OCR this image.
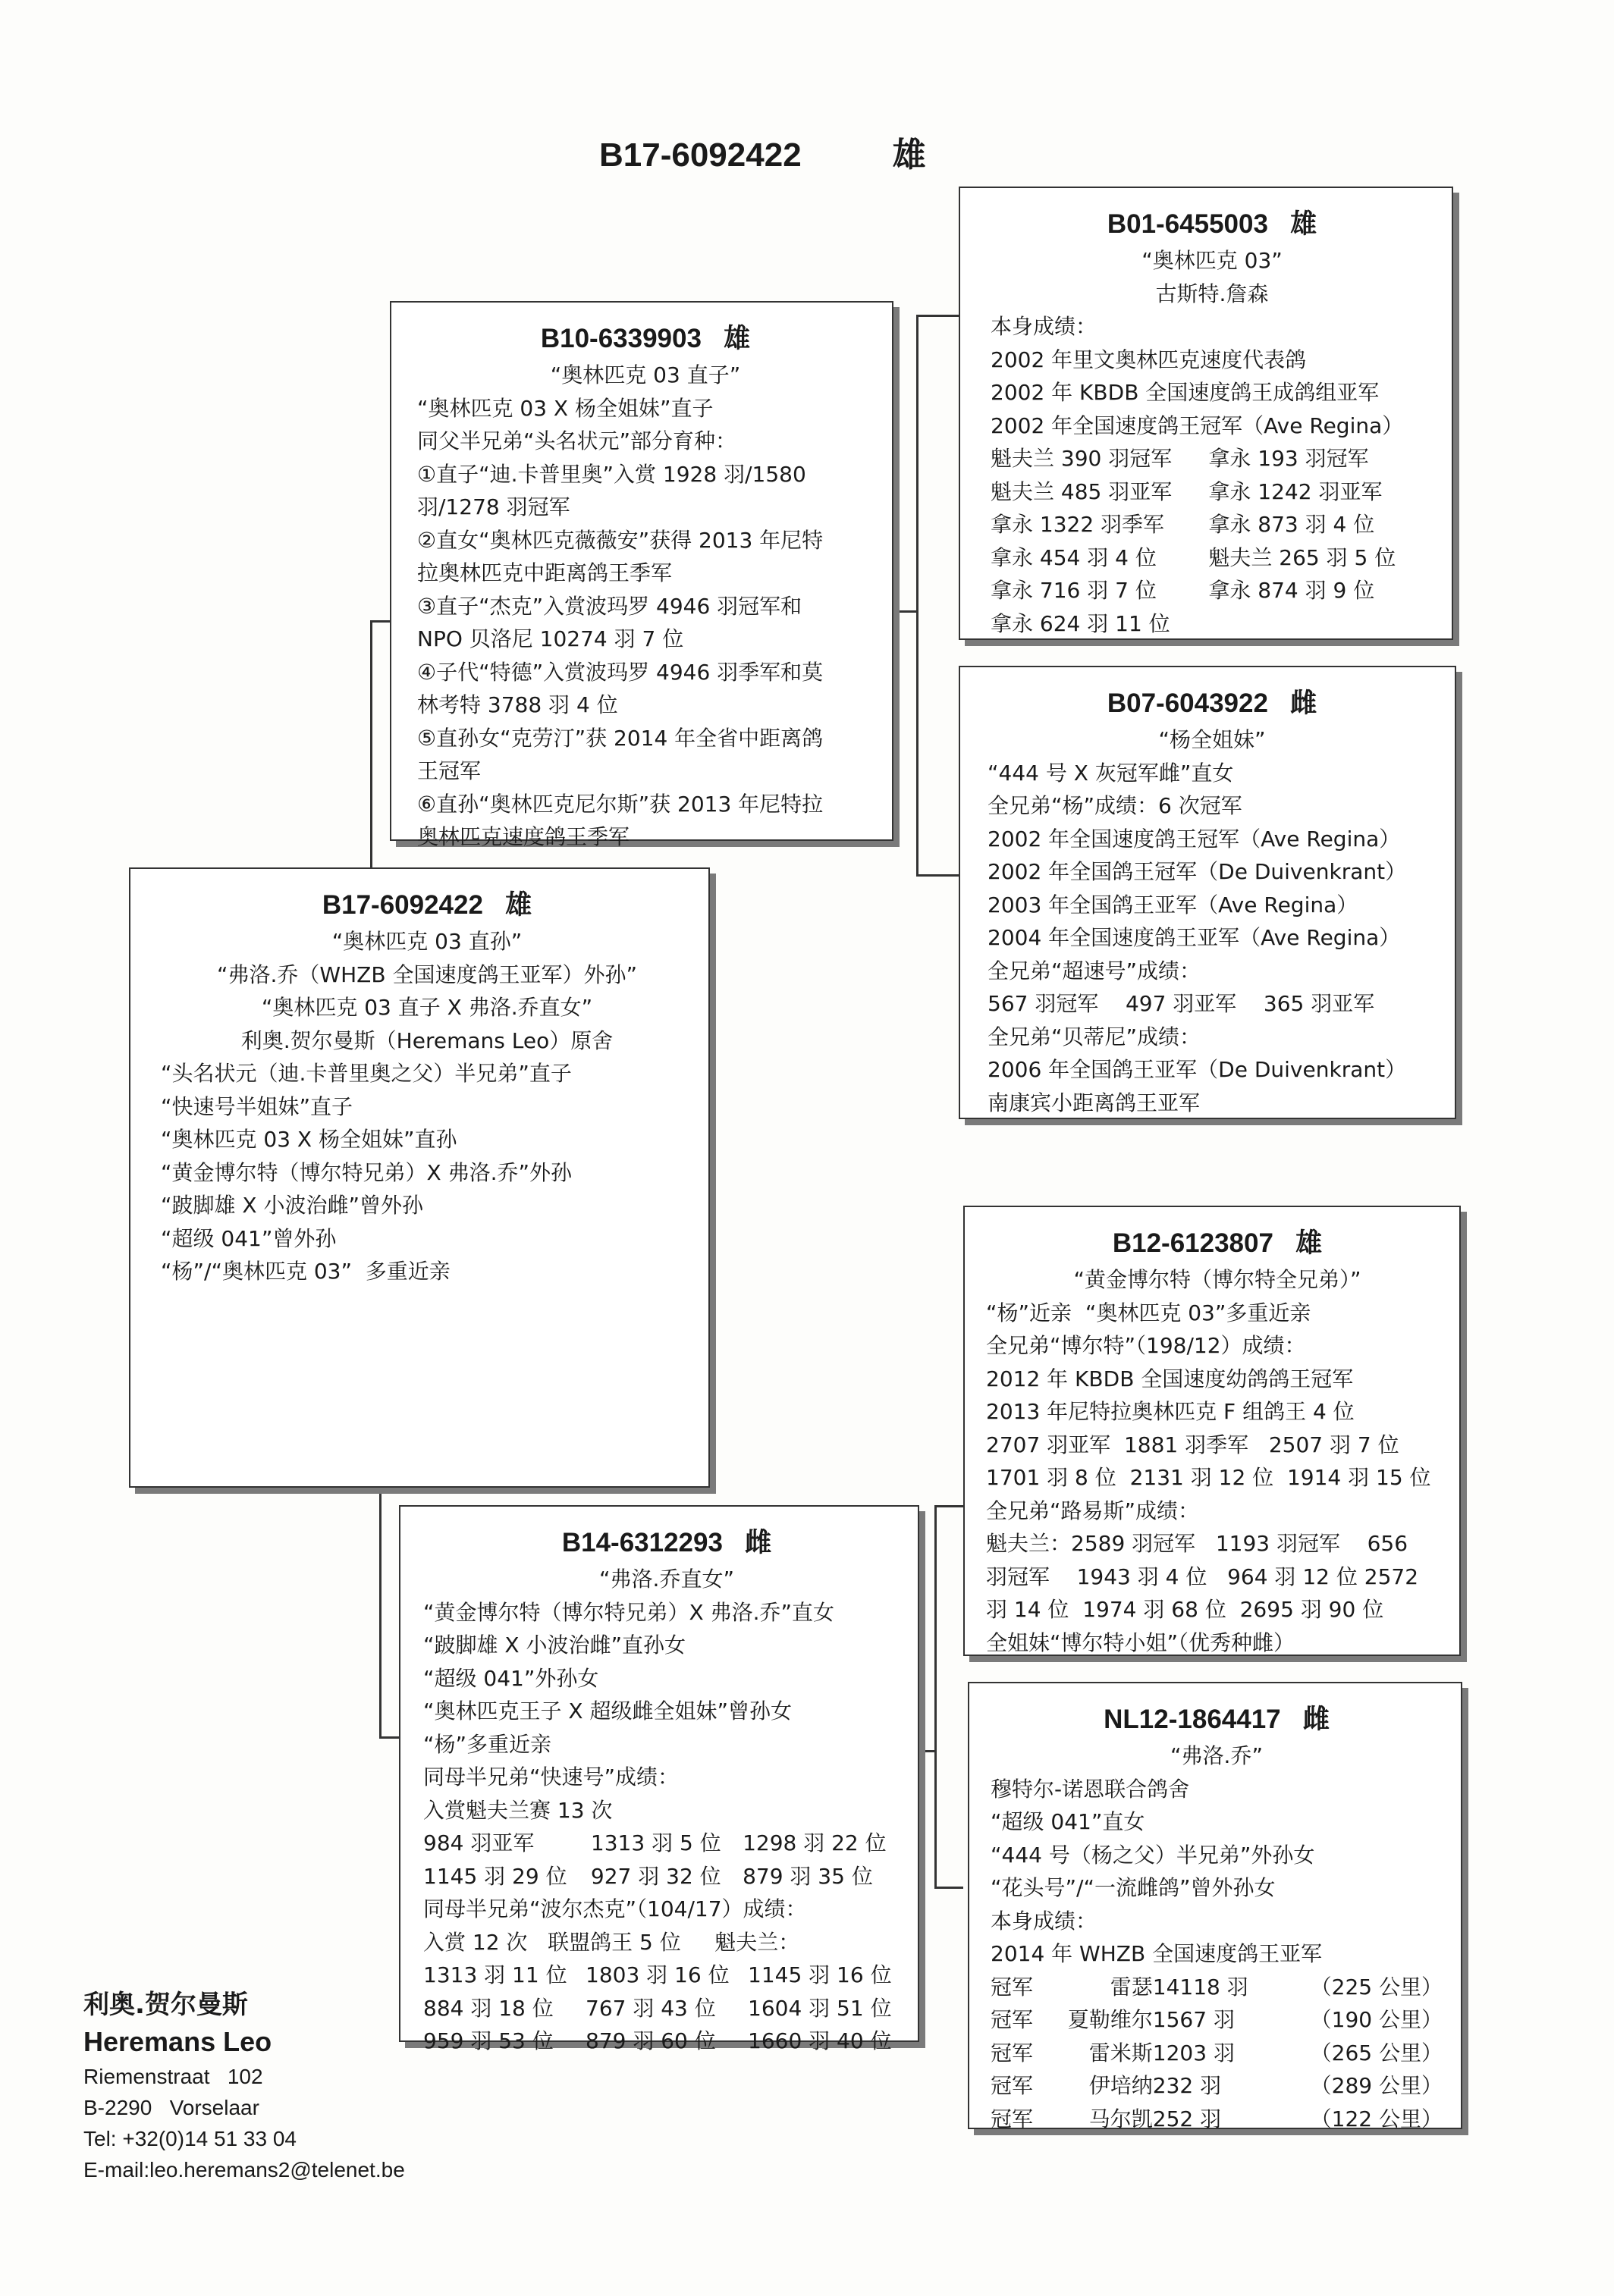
B17-6092422	雄
B10-6339903 雄
“奥林匹克 03 直子”
“奥林匹克 03 X 杨全姐妹”直子
同父半兄弟“头名状元”部分育种：
①直子“迪.卡普里奥”入赏 1928 羽/1580
羽/1278 羽冠军
②直女“奥林匹克薇薇安”获得 2013 年尼特
拉奥林匹克中距离鸽王季军
③直子“杰克”入赏波玛罗 4946 羽冠军和
NPO 贝洛尼 10274 羽 7 位
④子代“特德”入赏波玛罗 4946 羽季军和莫
林考特 3788 羽 4 位
⑤直孙女“克劳汀”获 2014 年全省中距离鸽
王冠军
⑥直孙“奥林匹克尼尔斯”获 2013 年尼特拉
奥林匹克速度鸽王季军
B01-6455003 雄
“奥林匹克 03”
古斯特.詹森
本身成绩：
2002 年里文奥林匹克速度代表鸽
2002 年 KBDB 全国速度鸽王成鸽组亚军
2002 年全国速度鸽王冠军（Ave Regina）
魁夫兰 390 羽冠军	拿永 193 羽冠军
魁夫兰 485 羽亚军	拿永 1242 羽亚军
拿永 1322 羽季军	拿永 873 羽 4 位
拿永 454 羽 4 位	魁夫兰 265 羽 5 位
拿永 716 羽 7 位	拿永 874 羽 9 位
拿永 624 羽 11 位	
B07-6043922 雌
“杨全姐妹”
“444 号 X 灰冠军雌”直女
全兄弟“杨”成绩：6 次冠军
2002 年全国速度鸽王冠军（Ave Regina）
2002 年全国鸽王冠军（De Duivenkrant）
2003 年全国鸽王亚军（Ave Regina）
2004 年全国速度鸽王亚军（Ave Regina）
全兄弟“超速号”成绩：
567 羽冠军    497 羽亚军    365 羽亚军
全兄弟“贝蒂尼”成绩：
2006 年全国鸽王亚军（De Duivenkrant）
南康宾小距离鸽王亚军
B17-6092422 雄
“奥林匹克 03 直孙”
“弗洛.乔（WHZB 全国速度鸽王亚军）外孙”
“奥林匹克 03 直子 X 弗洛.乔直女”
利奥.贺尔曼斯（Heremans Leo）原舍
“头名状元（迪.卡普里奥之父）半兄弟”直子
“快速号半姐妹”直子
“奥林匹克 03 X 杨全姐妹”直孙
“黄金博尔特（博尔特兄弟）X 弗洛.乔”外孙
“跛脚雄 X 小波治雌”曾外孙
“超级 041”曾外孙
“杨”/“奥林匹克 03”  多重近亲
B12-6123807 雄
“黄金博尔特（博尔特全兄弟）”
“杨”近亲  “奥林匹克 03”多重近亲
全兄弟“博尔特”（198/12）成绩：
2012 年 KBDB 全国速度幼鸽鸽王冠军
2013 年尼特拉奥林匹克 F 组鸽王 4 位
2707 羽亚军  1881 羽季军   2507 羽 7 位
1701 羽 8 位  2131 羽 12 位  1914 羽 15 位
全兄弟“路易斯”成绩：
魁夫兰：2589 羽冠军   1193 羽冠军    656
羽冠军    1943 羽 4 位   964 羽 12 位 2572
羽 14 位  1974 羽 68 位  2695 羽 90 位
全姐妹“博尔特小姐”（优秀种雌）
B14-6312293 雌
“弗洛.乔直女”
“黄金博尔特（博尔特兄弟）X 弗洛.乔”直女
“跛脚雄 X 小波治雌”直孙女
“超级 041”外孙女
“奥林匹克王子 X 超级雌全姐妹”曾孙女
“杨”多重近亲
同母半兄弟“快速号”成绩：
入赏魁夫兰赛 13 次
984 羽亚军	1313 羽 5 位	1298 羽 22 位
1145 羽 29 位	927 羽 32 位	879 羽 35 位
同母半兄弟“波尔杰克”（104/17）成绩：
入赏 12 次   联盟鸽王 5 位     魁夫兰：
1313 羽 11 位	1803 羽 16 位	1145 羽 16 位
884 羽 18 位	767 羽 43 位	1604 羽 51 位
959 羽 53 位	879 羽 60 位	1660 羽 40 位
NL12-1864417 雌
“弗洛.乔”
穆特尔-诺恩联合鸽舍
“超级 041”直女
“444 号（杨之父）半兄弟”外孙女
“花头号”/“一流雌鸽”曾外孙女
本身成绩：
2014 年 WHZB 全国速度鸽王亚军
冠军	雷瑟	14118 羽	（225 公里）
冠军	夏勒维尔	1567 羽	（190 公里）
冠军	雷米斯	1203 羽	（265 公里）
冠军	伊培纳	232 羽	（289 公里）
冠军	马尔凯	252 羽	（122 公里）
利奥.贺尔曼斯
Heremans Leo
Riemenstraat   102
B-2290   Vorselaar
Tel: +32(0)14 51 33 04
E-mail:leo.heremans2@telenet.be
